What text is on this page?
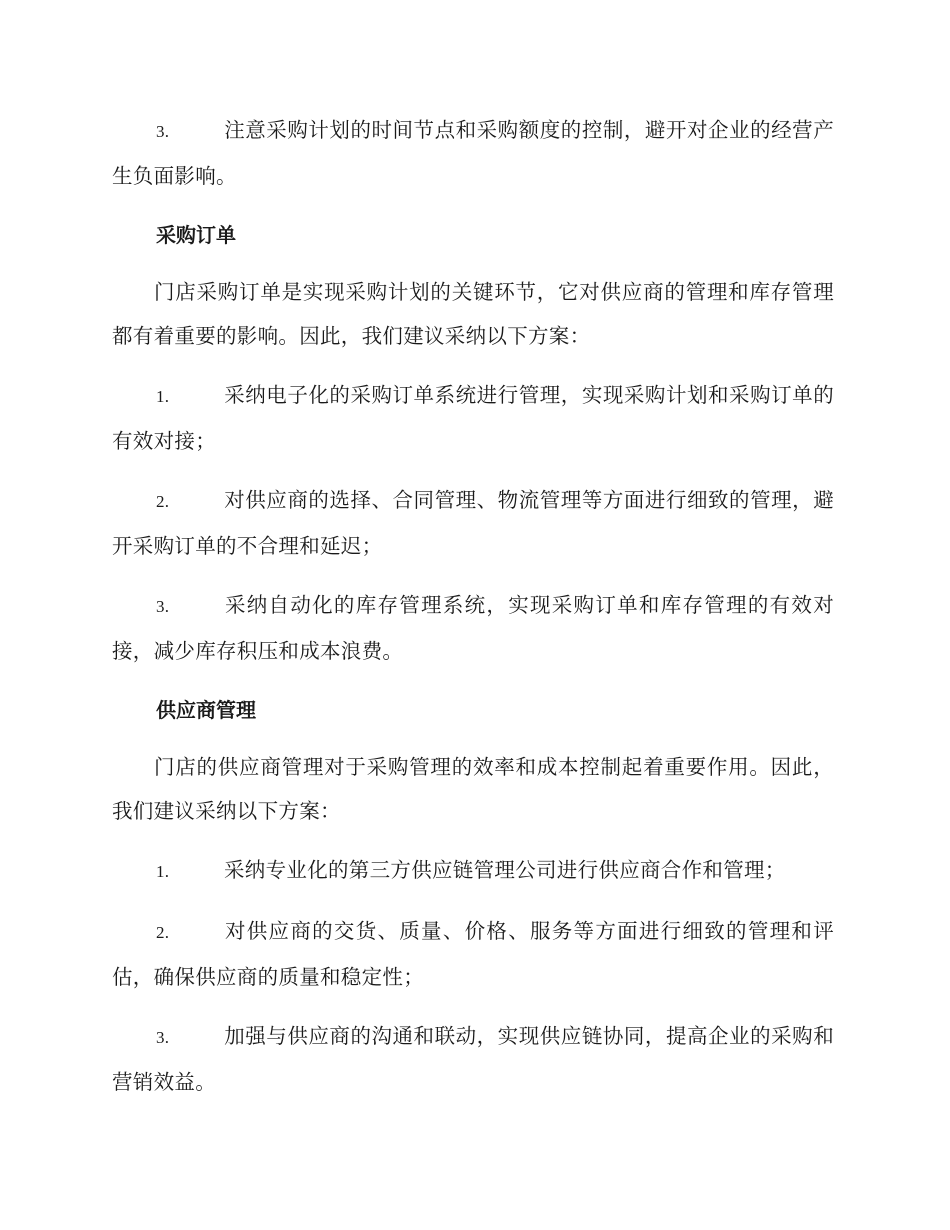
3.	注意采购计划的时间节点和采购额度的控制，避开对企业的经营产生负面影响。
采购订单
门店采购订单是实现采购计划的关键环节，它对供应商的管理和库存管理都有着重要的影响。因此，我们建议采纳以下方案：
1.	采纳电子化的采购订单系统进行管理，实现采购计划和采购订单的有效对接；
2.	对供应商的选择、合同管理、物流管理等方面进行细致的管理，避开采购订单的不合理和延迟；
3.	采纳自动化的库存管理系统，实现采购订单和库存管理的有效对接，减少库存积压和成本浪费。
供应商管理
门店的供应商管理对于采购管理的效率和成本控制起着重要作用。因此，我们建议采纳以下方案：
1.	采纳专业化的第三方供应链管理公司进行供应商合作和管理；
2.	对供应商的交货、质量、价格、服务等方面进行细致的管理和评估，确保供应商的质量和稳定性；
3.	加强与供应商的沟通和联动，实现供应链协同，提高企业的采购和营销效益。
